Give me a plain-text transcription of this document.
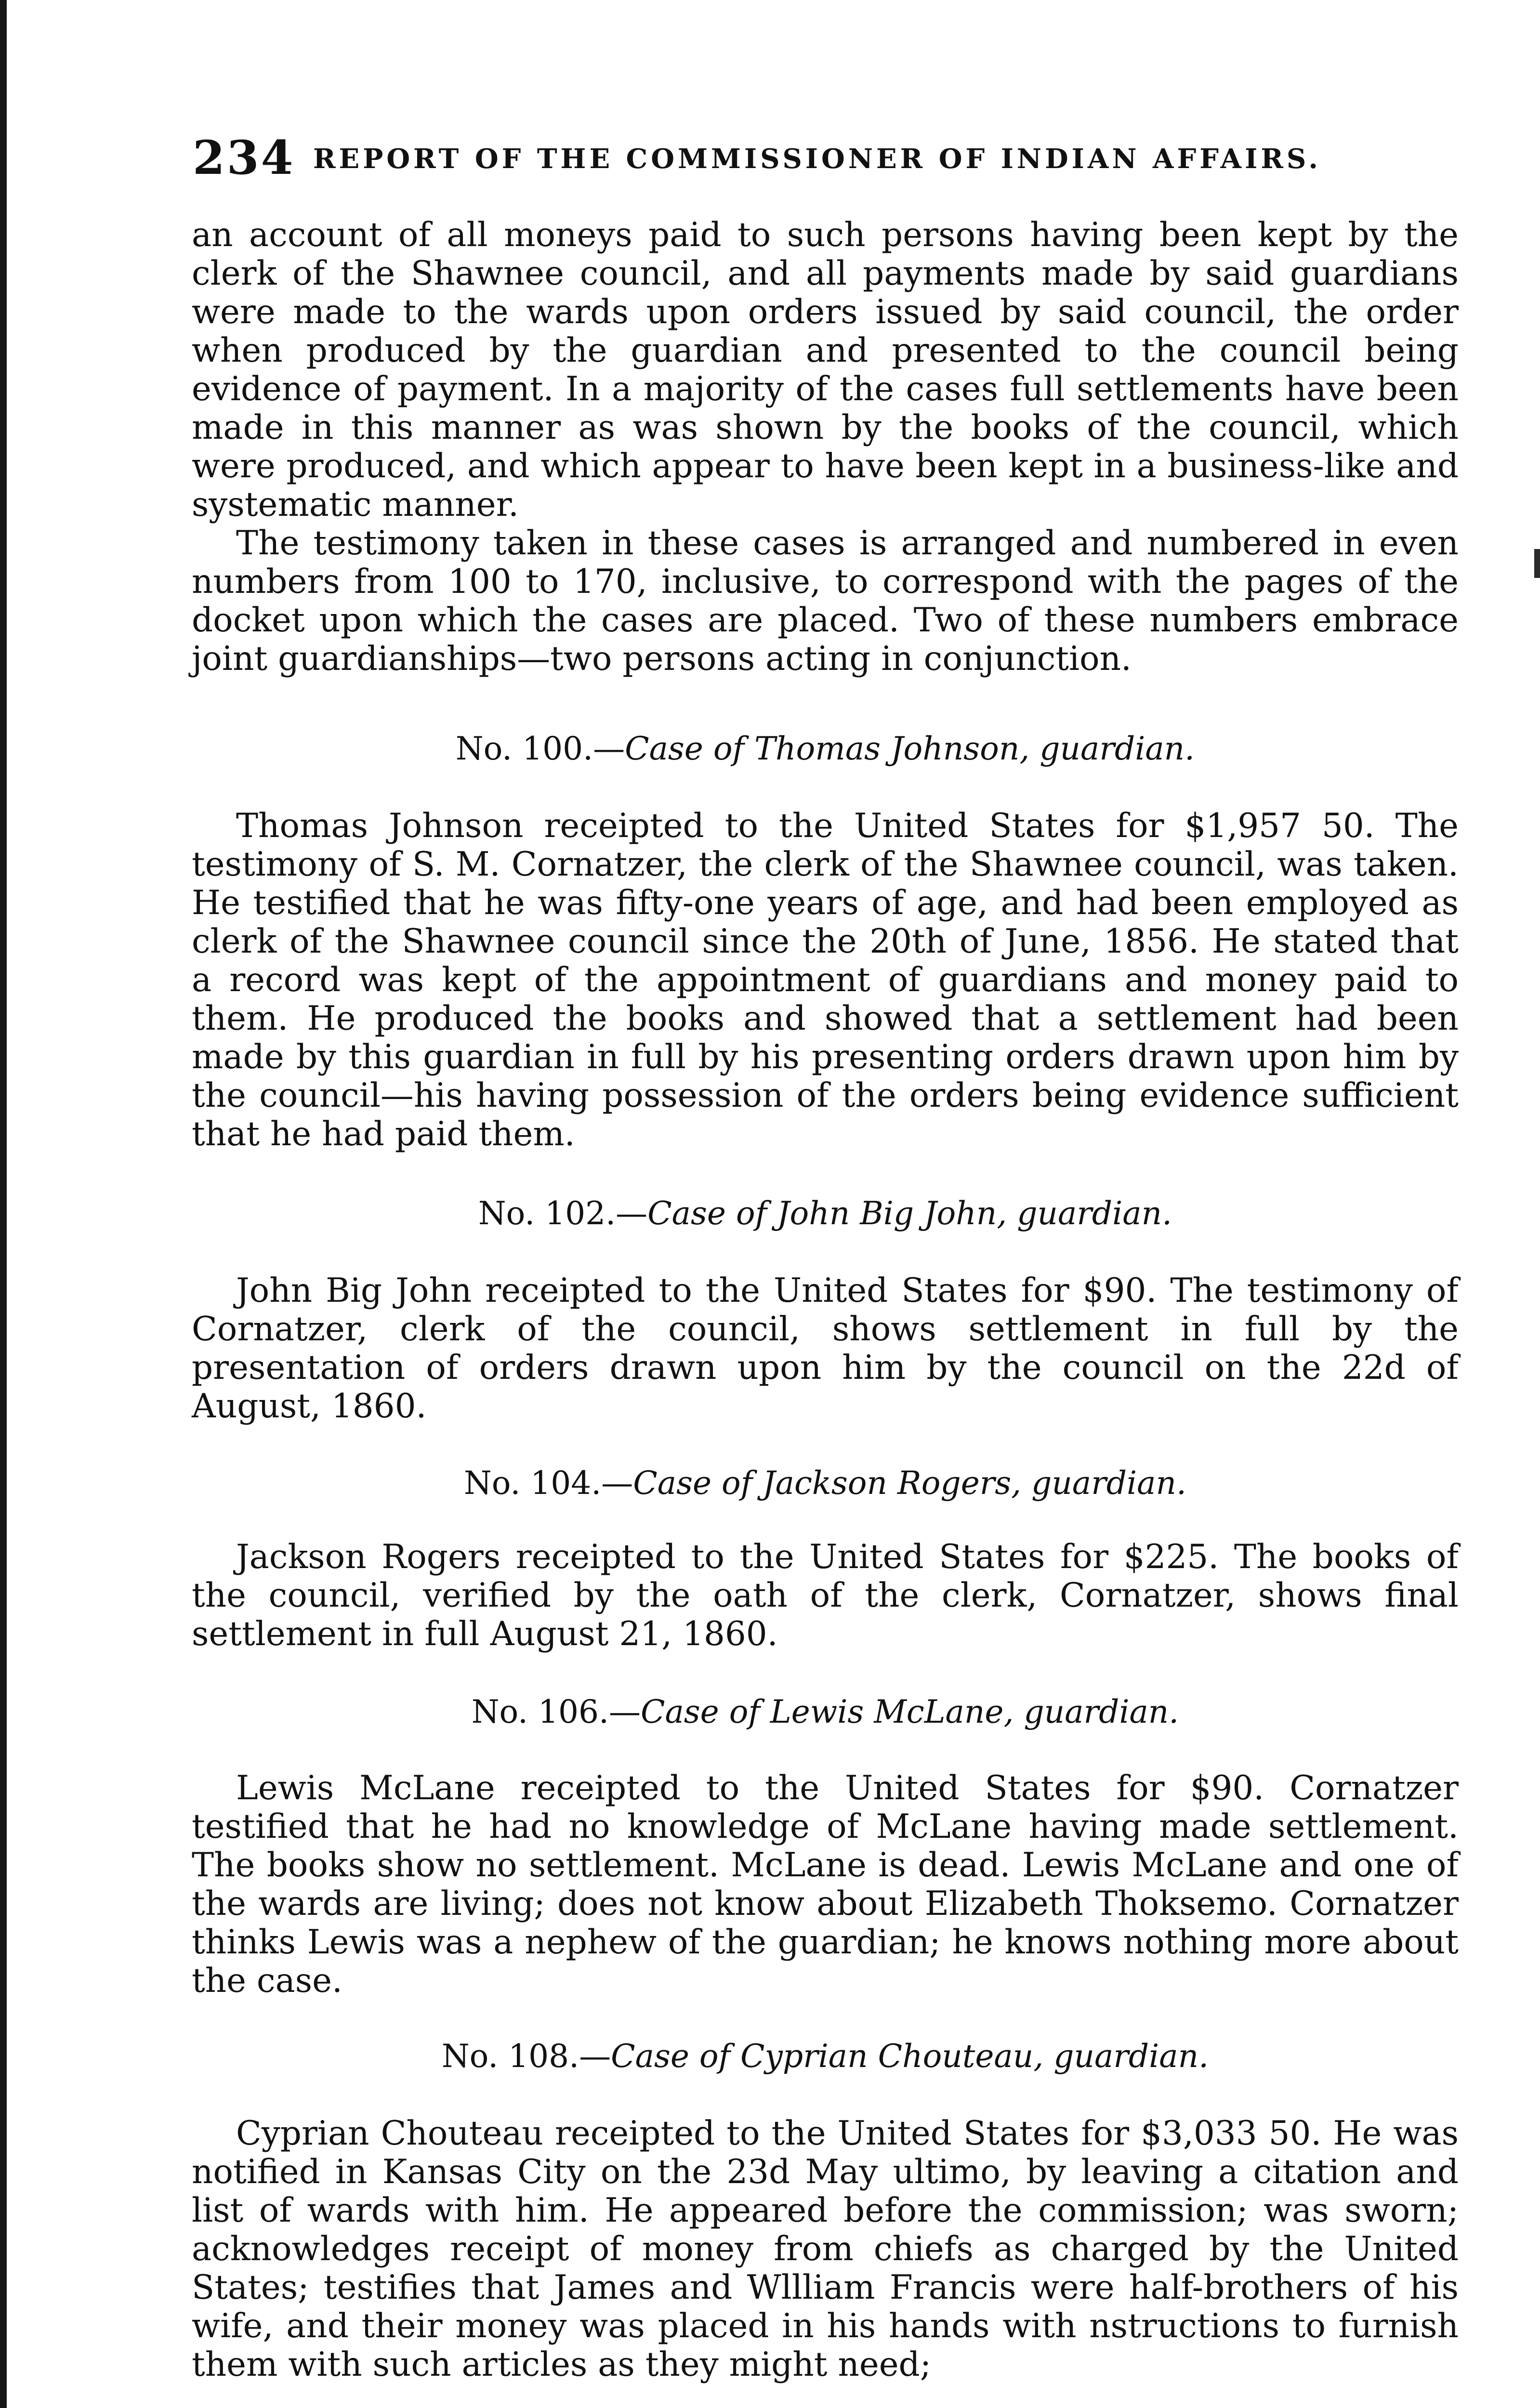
234 REPORT OF THE COMMISSIONER OF INDIAN AFFAIRS.

an account of all moneys paid to such persons having been kept by the clerk of the Shawnee council, and all payments made by said guardians were made to the wards upon orders issued by said council, the order when produced by the guardian and presented to the council being evidence of payment. In a majority of the cases full settlements have been made in this manner as was shown by the books of the council, which were produced, and which appear to have been kept in a business-like and systematic manner.

The testimony taken in these cases is arranged and numbered in even numbers from 100 to 170, inclusive, to correspond with the pages of the docket upon which the cases are placed. Two of these numbers embrace joint guardianships—two persons acting in conjunction.

No. 100.—Case of Thomas Johnson, guardian.

Thomas Johnson receipted to the United States for $1,957 50. The testimony of S. M. Cornatzer, the clerk of the Shawnee council, was taken. He testified that he was fifty-one years of age, and had been employed as clerk of the Shawnee council since the 20th of June, 1856. He stated that a record was kept of the appointment of guardians and money paid to them. He produced the books and showed that a settlement had been made by this guardian in full by his presenting orders drawn upon him by the council—his having possession of the orders being evidence sufficient that he had paid them.

No. 102.—Case of John Big John, guardian.

John Big John receipted to the United States for $90. The testimony of Cornatzer, clerk of the council, shows settlement in full by the presentation of orders drawn upon him by the council on the 22d of August, 1860.

No. 104.—Case of Jackson Rogers, guardian.

Jackson Rogers receipted to the United States for $225. The books of the council, verified by the oath of the clerk, Cornatzer, shows final settlement in full August 21, 1860.

No. 106.—Case of Lewis McLane, guardian.

Lewis McLane receipted to the United States for $90. Cornatzer testified that he had no knowledge of McLane having made settlement. The books show no settlement. McLane is dead. Lewis McLane and one of the wards are living; does not know about Elizabeth Thoksemo. Cornatzer thinks Lewis was a nephew of the guardian; he knows nothing more about the case.

No. 108.—Case of Cyprian Chouteau, guardian.

Cyprian Chouteau receipted to the United States for $3,033 50. He was notified in Kansas City on the 23d May ultimo, by leaving a citation and list of wards with him. He appeared before the commission; was sworn; acknowledges receipt of money from chiefs as charged by the United States; testifies that James and Wllliam Francis were half-brothers of his wife, and their money was placed in his hands with nstructions to furnish them with such articles as they might need;
